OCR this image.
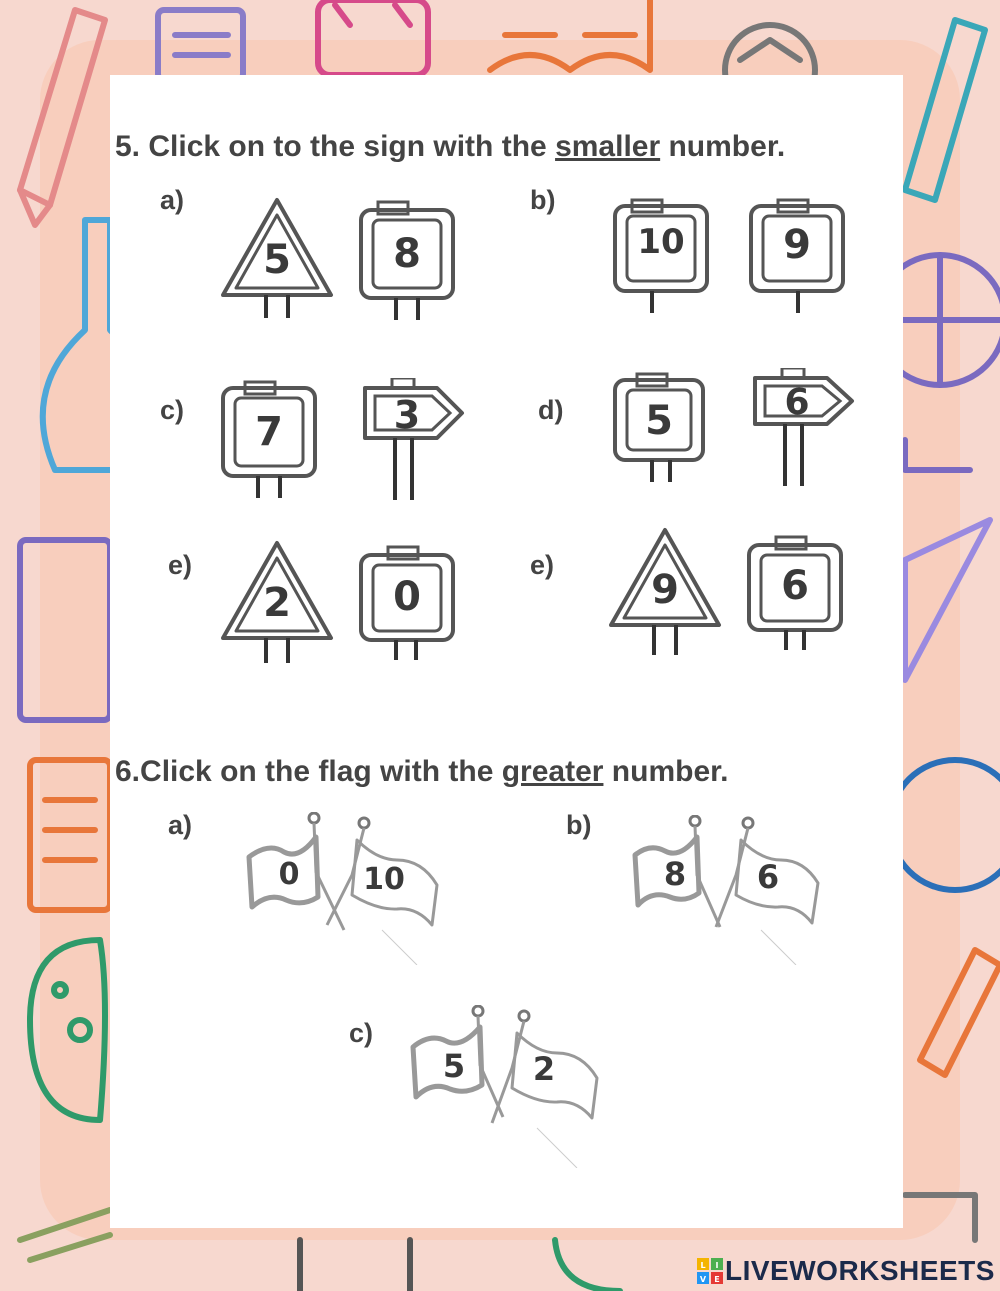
5. Click on to the sign with the smaller number.
a)	b)
c)	d)
e)	e)
5	8	10 9
7	3	5	6
2	0	9	6
6.Click on the flag with the greater number.
a)	b)
c)
0 10	8 6
5 2
L I
V E LIVEWORKSHEETS
